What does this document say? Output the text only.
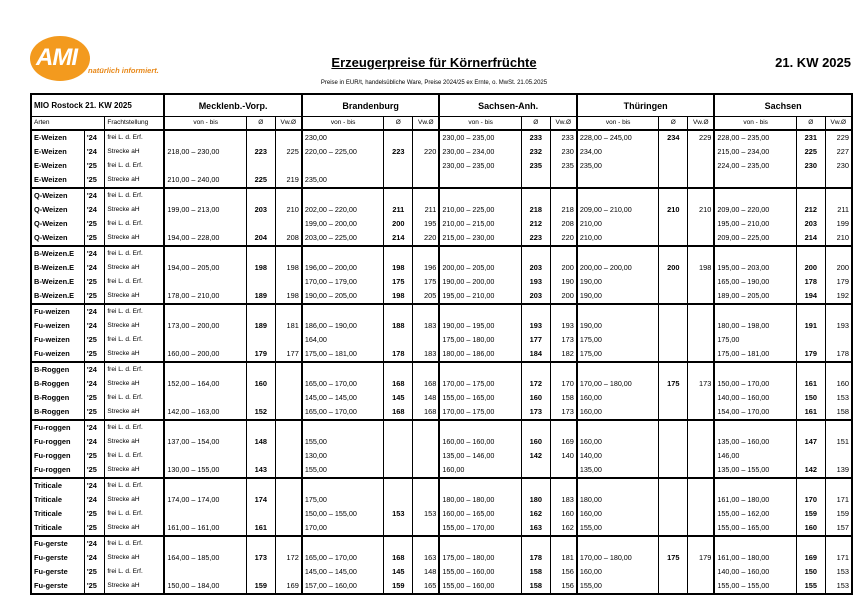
AMI natürlich informiert.
Erzeugerpreise für Körnerfrüchte	21. KW 2025
Preise in EUR/t, handelsübliche Ware, Preise 2024/25 ex Ernte, o. MwSt. 21.05.2025
MIO Rostock 21. KW 2025			Mecklenb.-Vorp.			Brandenburg			Sachsen-Anh.			Thüringen			Sachsen		
Arten		Frachtstellung	von - bis	Ø	Vw.Ø	von - bis	Ø	Vw.Ø	von - bis	Ø	Vw.Ø	von - bis	Ø	Vw.Ø	von - bis	Ø	Vw.Ø
E-Weizen	'24	frei L. d. Erf.				230,00			230,00 – 235,00	233	233	228,00 – 245,00	234	229	228,00 – 235,00	231	229
E-Weizen	'24	Strecke aH	218,00 – 230,00	223	225	220,00 – 225,00	223	220	230,00 – 234,00	232	230	234,00			215,00 – 234,00	225	227
E-Weizen	'25	frei L. d. Erf.							230,00 – 235,00	235	235	235,00			224,00 – 235,00	230	230
E-Weizen	'25	Strecke aH	210,00 – 240,00	225	219	235,00											
Q-Weizen	'24	frei L. d. Erf.															
Q-Weizen	'24	Strecke aH	199,00 – 213,00	203	210	202,00 – 220,00	211	211	210,00 – 225,00	218	218	209,00 – 210,00	210	210	209,00 – 220,00	212	211
Q-Weizen	'25	frei L. d. Erf.				199,00 – 200,00	200	195	210,00 – 215,00	212	208	210,00			195,00 – 210,00	203	199
Q-Weizen	'25	Strecke aH	194,00 – 228,00	204	208	203,00 – 225,00	214	220	215,00 – 230,00	223	220	210,00			209,00 – 225,00	214	210
B-Weizen.E	'24	frei L. d. Erf.															
B-Weizen.E	'24	Strecke aH	194,00 – 205,00	198	198	196,00 – 200,00	198	196	200,00 – 205,00	203	200	200,00 – 200,00	200	198	195,00 – 203,00	200	200
B-Weizen.E	'25	frei L. d. Erf.				170,00 – 179,00	175	175	190,00 – 200,00	193	190	190,00			165,00 – 190,00	178	179
B-Weizen.E	'25	Strecke aH	178,00 – 210,00	189	198	190,00 – 205,00	198	205	195,00 – 210,00	203	200	190,00			189,00 – 205,00	194	192
Fu-weizen	'24	frei L. d. Erf.															
Fu-weizen	'24	Strecke aH	173,00 – 200,00	189	181	186,00 – 190,00	188	183	190,00 – 195,00	193	193	190,00			180,00 – 198,00	191	193
Fu-weizen	'25	frei L. d. Erf.				164,00			175,00 – 180,00	177	173	175,00			175,00		
Fu-weizen	'25	Strecke aH	160,00 – 200,00	179	177	175,00 – 181,00	178	183	180,00 – 186,00	184	182	175,00			175,00 – 181,00	179	178
B-Roggen	'24	frei L. d. Erf.															
B-Roggen	'24	Strecke aH	152,00 – 164,00	160		165,00 – 170,00	168	168	170,00 – 175,00	172	170	170,00 – 180,00	175	173	150,00 – 170,00	161	160
B-Roggen	'25	frei L. d. Erf.				145,00 – 145,00	145	148	155,00 – 165,00	160	158	160,00			140,00 – 160,00	150	153
B-Roggen	'25	Strecke aH	142,00 – 163,00	152		165,00 – 170,00	168	168	170,00 – 175,00	173	173	160,00			154,00 – 170,00	161	158
Fu-roggen	'24	frei L. d. Erf.															
Fu-roggen	'24	Strecke aH	137,00 – 154,00	148		155,00			160,00 – 160,00	160	169	160,00			135,00 – 160,00	147	151
Fu-roggen	'25	frei L. d. Erf.				130,00			135,00 – 146,00	142	140	140,00			146,00		
Fu-roggen	'25	Strecke aH	130,00 – 155,00	143		155,00			160,00			135,00			135,00 – 155,00	142	139
Triticale	'24	frei L. d. Erf.															
Triticale	'24	Strecke aH	174,00 – 174,00	174		175,00			180,00 – 180,00	180	183	180,00			161,00 – 180,00	170	171
Triticale	'25	frei L. d. Erf.				150,00 – 155,00	153	153	160,00 – 165,00	162	160	160,00			155,00 – 162,00	159	159
Triticale	'25	Strecke aH	161,00 – 161,00	161		170,00			155,00 – 170,00	163	162	155,00			155,00 – 165,00	160	157
Fu-gerste	'24	frei L. d. Erf.															
Fu-gerste	'24	Strecke aH	164,00 – 185,00	173	172	165,00 – 170,00	168	163	175,00 – 180,00	178	181	170,00 – 180,00	175	179	161,00 – 180,00	169	171
Fu-gerste	'25	frei L. d. Erf.				145,00 – 145,00	145	148	155,00 – 160,00	158	156	160,00			140,00 – 160,00	150	153
Fu-gerste	'25	Strecke aH	150,00 – 184,00	159	169	157,00 – 160,00	159	165	155,00 – 160,00	158	156	155,00			155,00 – 155,00	155	153
